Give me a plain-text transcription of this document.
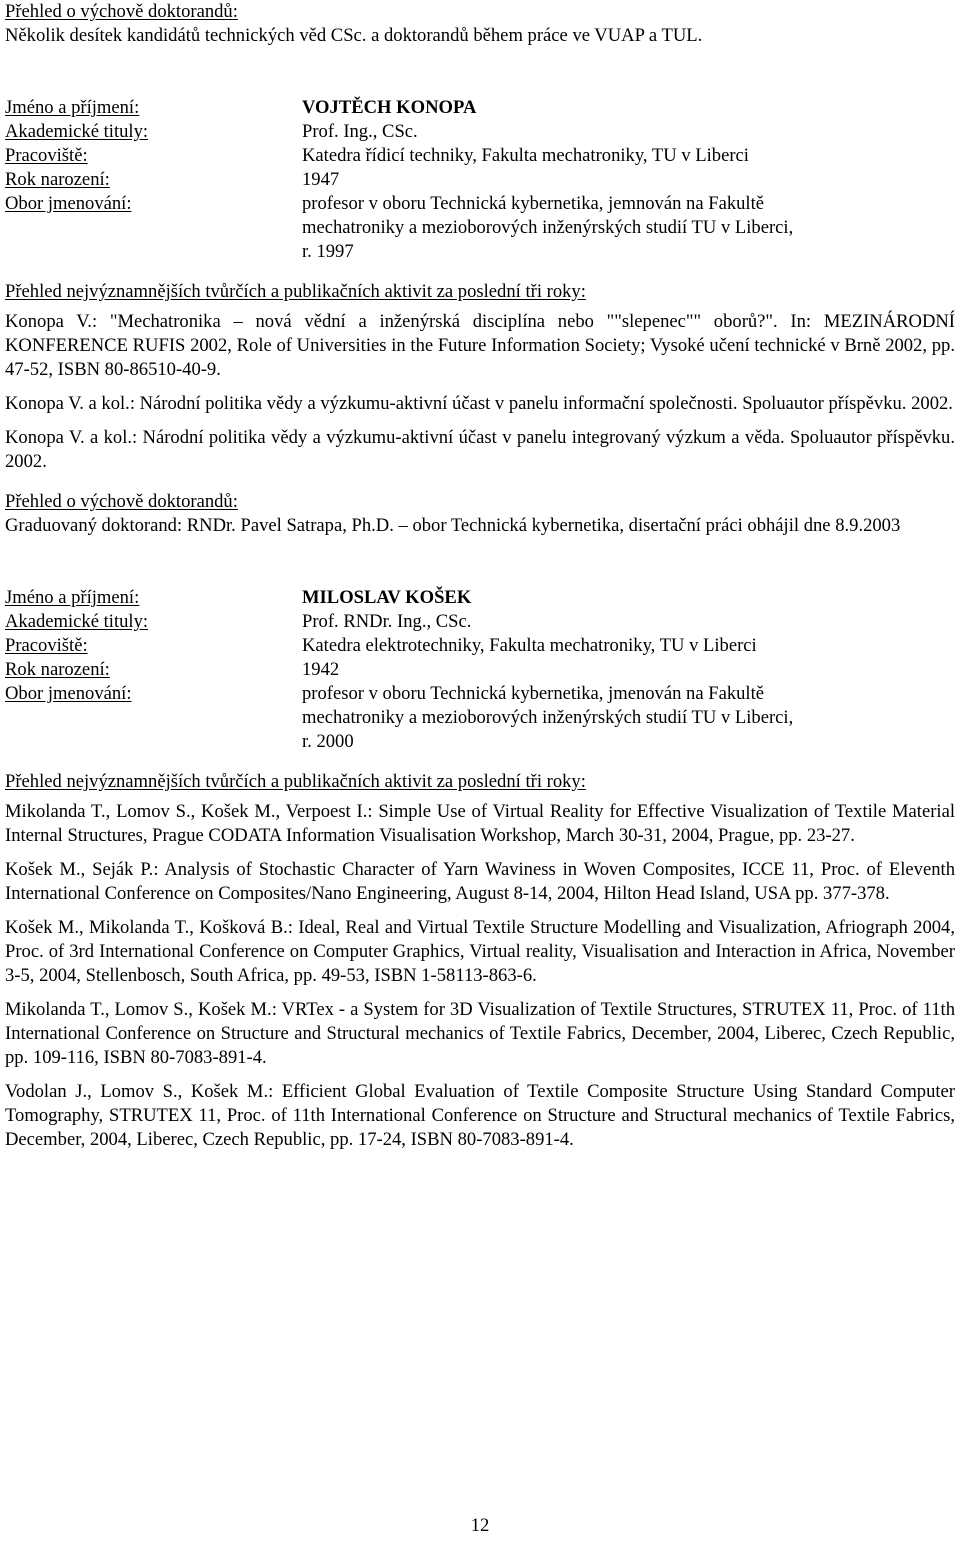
Přehled o výchově doktorandů:

Několik desítek kandidátů technických věd CSc. a doktorandů během práce ve VUAP a TUL.

Jméno a příjmení:	VOJTĚCH KONOPA
Akademické tituly:	Prof. Ing., CSc.
Pracoviště:	Katedra řídicí techniky, Fakulta mechatroniky, TU v Liberci
Rok narození:	1947
Obor jmenování:	profesor v oboru Technická kybernetika, jemnován na Fakultě
mechatroniky a mezioborových inženýrských studií TU v Liberci,
r. 1997

Přehled nejvýznamnějších tvůrčích a publikačních aktivit za poslední tři roky:

Konopa V.: "Mechatronika – nová vědní a inženýrská disciplína nebo ""slepenec"" oborů?". In: MEZINÁRODNÍ KONFERENCE RUFIS 2002, Role of Universities in the Future Information Society; Vysoké učení technické v Brně 2002, pp. 47-52, ISBN 80-86510-40-9.

Konopa V. a kol.: Národní politika vědy a výzkumu-aktivní účast v panelu informační společnosti. Spoluautor příspěvku. 2002.

Konopa V. a kol.: Národní politika vědy a výzkumu-aktivní účast v panelu integrovaný výzkum a věda. Spoluautor příspěvku. 2002.

Přehled o výchově doktorandů:

Graduovaný doktorand: RNDr. Pavel Satrapa, Ph.D. – obor Technická kybernetika, disertační práci obhájil dne 8.9.2003

Jméno a příjmení:	MILOSLAV KOŠEK
Akademické tituly:	Prof. RNDr. Ing., CSc.
Pracoviště:	Katedra elektrotechniky, Fakulta mechatroniky, TU v Liberci
Rok narození:	1942
Obor jmenování:	profesor v oboru Technická kybernetika, jmenován na Fakultě
mechatroniky a mezioborových inženýrských studií TU v Liberci,
r. 2000

Přehled nejvýznamnějších tvůrčích a publikačních aktivit za poslední tři roky:

Mikolanda T., Lomov S., Košek M., Verpoest I.: Simple Use of Virtual Reality for Effective Visualization of Textile Material Internal Structures, Prague CODATA Information Visualisation Workshop, March 30-31, 2004, Prague, pp. 23-27.

Košek M., Seják P.: Analysis of Stochastic Character of Yarn Waviness in Woven Composites, ICCE 11, Proc. of Eleventh International Conference on Composites/Nano Engineering, August 8-14, 2004, Hilton Head Island, USA pp. 377-378.

Košek M., Mikolanda T., Košková B.: Ideal, Real and Virtual Textile Structure Modelling and Visualization, Afriograph 2004, Proc. of 3rd International Conference on Computer Graphics, Virtual reality, Visualisation and Interaction in Africa, November 3-5, 2004, Stellenbosch, South Africa, pp. 49-53, ISBN 1-58113-863-6.

Mikolanda T., Lomov S., Košek M.: VRTex - a System for 3D Visualization of Textile Structures, STRUTEX 11, Proc. of 11th International Conference on Structure and Structural mechanics of Textile Fabrics, December, 2004, Liberec, Czech Republic, pp. 109-116, ISBN 80-7083-891-4.

Vodolan J., Lomov S., Košek M.: Efficient Global Evaluation of Textile Composite Structure Using Standard Computer Tomography, STRUTEX 11, Proc. of 11th International Conference on Structure and Structural mechanics of Textile Fabrics, December, 2004, Liberec, Czech Republic, pp. 17-24, ISBN 80-7083-891-4.

12
